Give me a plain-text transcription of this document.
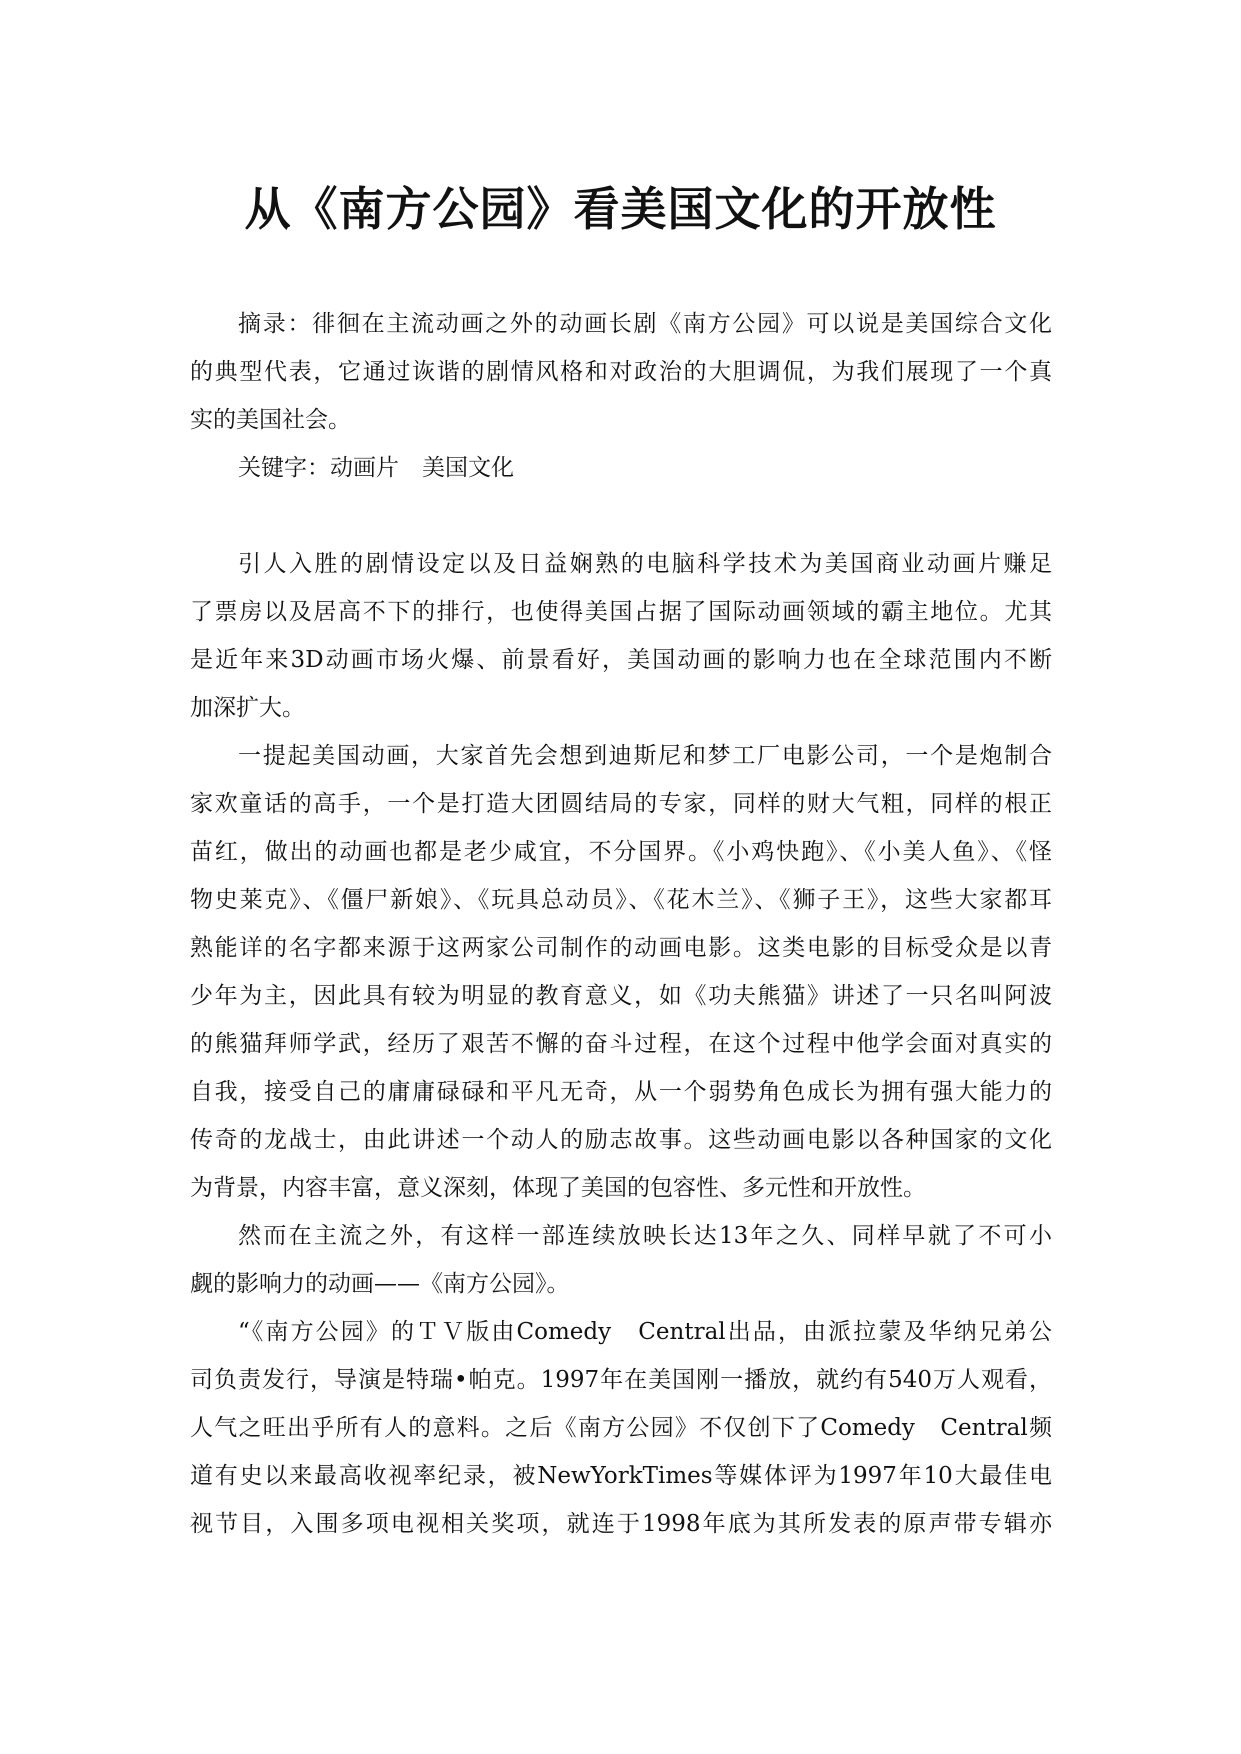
从《南方公园》看美国文化的开放性
摘录：徘徊在主流动画之外的动画长剧《南方公园》可以说是美国综合文化
的典型代表，它通过诙谐的剧情风格和对政治的大胆调侃，为我们展现了一个真
实的美国社会。
关键字：动画片　美国文化
引人入胜的剧情设定以及日益娴熟的电脑科学技术为美国商业动画片赚足
了票房以及居高不下的排行，也使得美国占据了国际动画领域的霸主地位。尤其
是近年来3D动画市场火爆、前景看好，美国动画的影响力也在全球范围内不断
加深扩大。
一提起美国动画，大家首先会想到迪斯尼和梦工厂电影公司，一个是炮制合
家欢童话的高手，一个是打造大团圆结局的专家，同样的财大气粗，同样的根正
苗红，做出的动画也都是老少咸宜，不分国界。《小鸡快跑》、《小美人鱼》、《怪
物史莱克》、《僵尸新娘》、《玩具总动员》、《花木兰》、《狮子王》，这些大家都耳
熟能详的名字都来源于这两家公司制作的动画电影。这类电影的目标受众是以青
少年为主，因此具有较为明显的教育意义，如《功夫熊猫》讲述了一只名叫阿波
的熊猫拜师学武，经历了艰苦不懈的奋斗过程，在这个过程中他学会面对真实的
自我，接受自己的庸庸碌碌和平凡无奇，从一个弱势角色成长为拥有强大能力的
传奇的龙战士，由此讲述一个动人的励志故事。这些动画电影以各种国家的文化
为背景，内容丰富，意义深刻，体现了美国的包容性、多元性和开放性。
然而在主流之外，有这样一部连续放映长达13年之久、同样早就了不可小
觑的影响力的动画——《南方公园》。
“《南方公园》的ＴＶ版由Comedy　Central出品，由派拉蒙及华纳兄弟公
司负责发行，导演是特瑞•帕克。1997年在美国刚一播放，就约有540万人观看，
人气之旺出乎所有人的意料。之后《南方公园》不仅创下了Comedy　Central频
道有史以来最高收视率纪录，被NewYorkTimes等媒体评为1997年10大最佳电
视节目，入围多项电视相关奖项，就连于1998年底为其所发表的原声带专辑亦
